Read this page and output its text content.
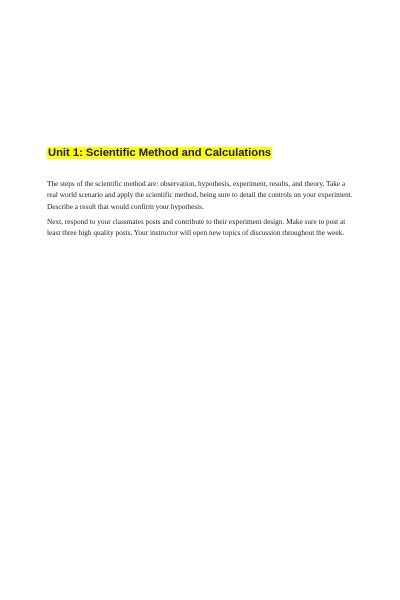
Unit 1: Scientific Method and Calculations

The steps of the scientific method are: observation, hypothesis, experiment, results, and theory. Take a real world scenario and apply the scientific method, being sure to detail the controls on your experiment. Describe a result that would confirm your hypothesis.

Next, respond to your classmates posts and contribute to their experiment design. Make sure to post at least three high quality posts. Your instructor will open new topics of discussion throughout the week.
